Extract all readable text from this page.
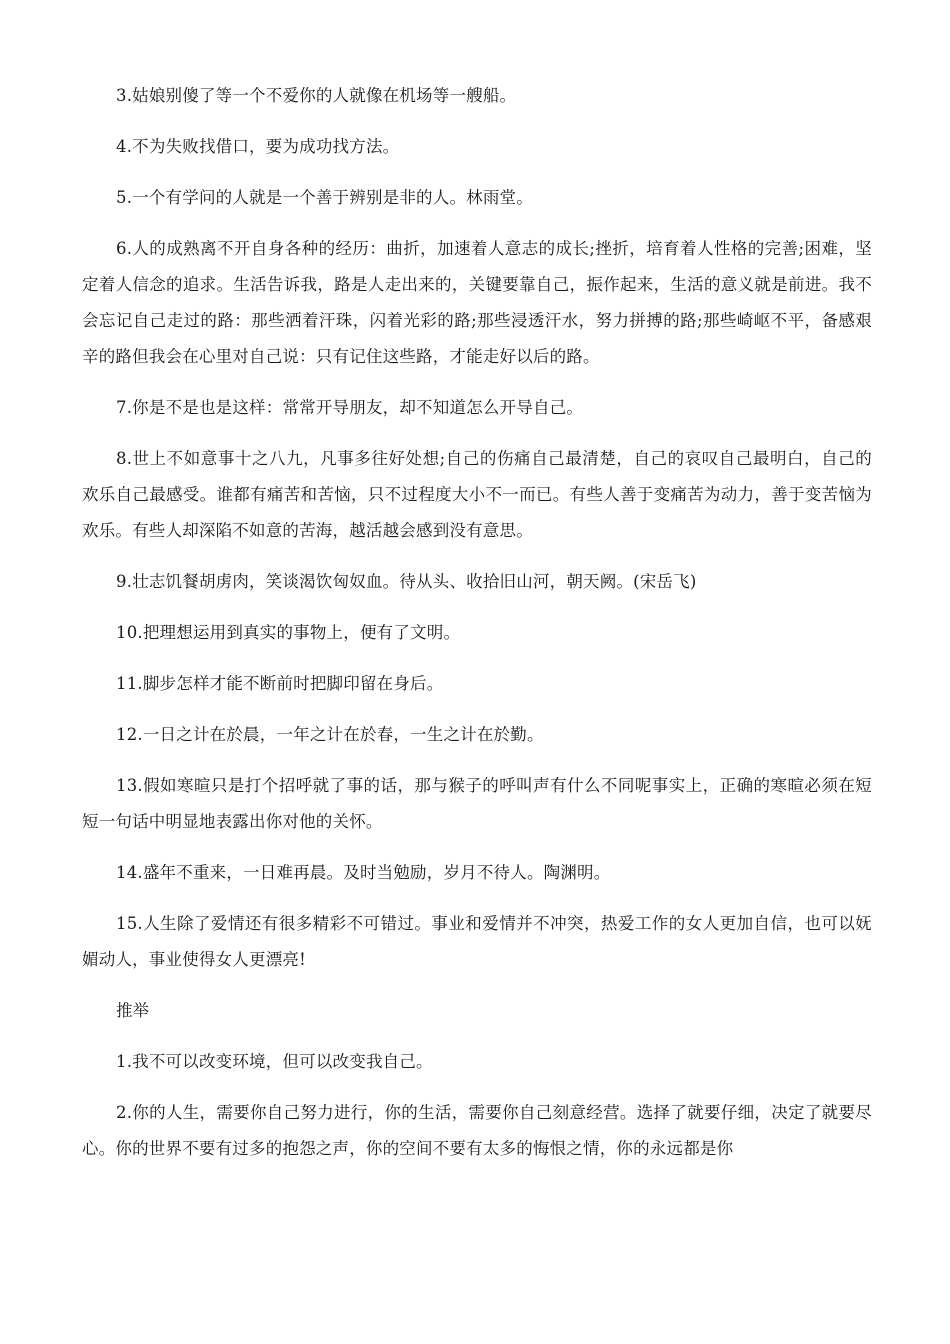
3.姑娘别傻了等一个不爱你的人就像在机场等一艘船。

4.不为失败找借口，要为成功找方法。

5.一个有学问的人就是一个善于辨别是非的人。林雨堂。

6.人的成熟离不开自身各种的经历：曲折，加速着人意志的成长;挫折，培育着人性格的完善;困难，坚定着人信念的追求。生活告诉我，路是人走出来的，关键要靠自己，振作起来，生活的意义就是前进。我不会忘记自己走过的路：那些洒着汗珠，闪着光彩的路;那些浸透汗水，努力拼搏的路;那些崎岖不平，备感艰辛的路但我会在心里对自己说：只有记住这些路，才能走好以后的路。

7.你是不是也是这样：常常开导朋友，却不知道怎么开导自己。

8.世上不如意事十之八九，凡事多往好处想;自己的伤痛自己最清楚，自己的哀叹自己最明白，自己的欢乐自己最感受。谁都有痛苦和苦恼，只不过程度大小不一而已。有些人善于变痛苦为动力，善于变苦恼为欢乐。有些人却深陷不如意的苦海，越活越会感到没有意思。

9.壮志饥餐胡虏肉，笑谈渴饮匈奴血。待从头、收拾旧山河，朝天阙。(宋岳飞)

10.把理想运用到真实的事物上，便有了文明。

11.脚步怎样才能不断前时把脚印留在身后。

12.一日之计在於晨，一年之计在於春，一生之计在於勤。

13.假如寒暄只是打个招呼就了事的话，那与猴子的呼叫声有什么不同呢事实上，正确的寒暄必须在短短一句话中明显地表露出你对他的关怀。

14.盛年不重来，一日难再晨。及时当勉励，岁月不待人。陶渊明。

15.人生除了爱情还有很多精彩不可错过。事业和爱情并不冲突，热爱工作的女人更加自信，也可以妩媚动人，事业使得女人更漂亮!

推举

1.我不可以改变环境，但可以改变我自己。

2.你的人生，需要你自己努力进行，你的生活，需要你自己刻意经营。选择了就要仔细，决定了就要尽心。你的世界不要有过多的抱怨之声，你的空间不要有太多的悔恨之情，你的永远都是你
